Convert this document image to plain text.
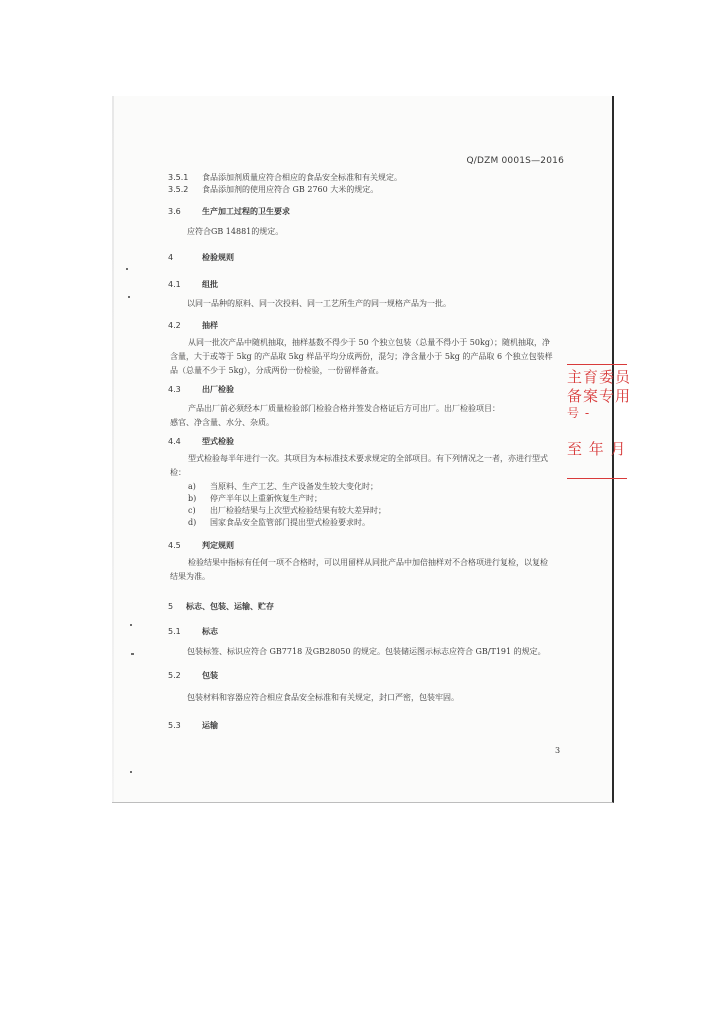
Q/DZM 0001S—2016
3.5.1 食品添加剂质量应符合相应的食品安全标准和有关规定。
3.5.2 食品添加剂的使用应符合 GB 2760 大米的规定。
3.6	生产加工过程的卫生要求
应符合GB 14881的规定。
4	检验规则
4.1	组批
以同一品种的原料、同一次投料、同一工艺所生产的同一规格产品为一批。
4.2	抽样
从同一批次产品中随机抽取，抽样基数不得少于 50 个独立包装（总量不得小于 50kg）；随机抽取，净含量，大于或等于 5kg 的产品取 5kg 样品平均分成两份，混匀；净含量小于 5kg 的产品取 6 个独立包装样品（总量不少于 5kg），分成两份一份检验，一份留样备查。
4.3	出厂检验
产品出厂前必须经本厂质量检验部门检验合格并签发合格证后方可出厂。出厂检验项目：感官、净含量、水分、杂质。
4.4	型式检验
型式检验每半年进行一次。其项目为本标准技术要求规定的全部项目。有下列情况之一者，亦进行型式检：
a) 当原料、生产工艺、生产设备发生较大变化时；
b) 停产半年以上重新恢复生产时；
c) 出厂检验结果与上次型式检验结果有较大差异时；
d) 国家食品安全监管部门提出型式检验要求时。
4.5	判定规则
检验结果中指标有任何一项不合格时，可以用留样从同批产品中加倍抽样对不合格项进行复检，以复检结果为准。
5 标志、包装、运输、贮存
5.1	标志
包装标签、标识应符合 GB7718 及GB28050 的规定。包装储运图示标志应符合 GB/T191 的规定。
5.2	包装
包装材料和容器应符合相应食品安全标准和有关规定，封口严密，包装牢固。
5.3	运输
3
主育委员
备案专用
号 -
至 年 月
